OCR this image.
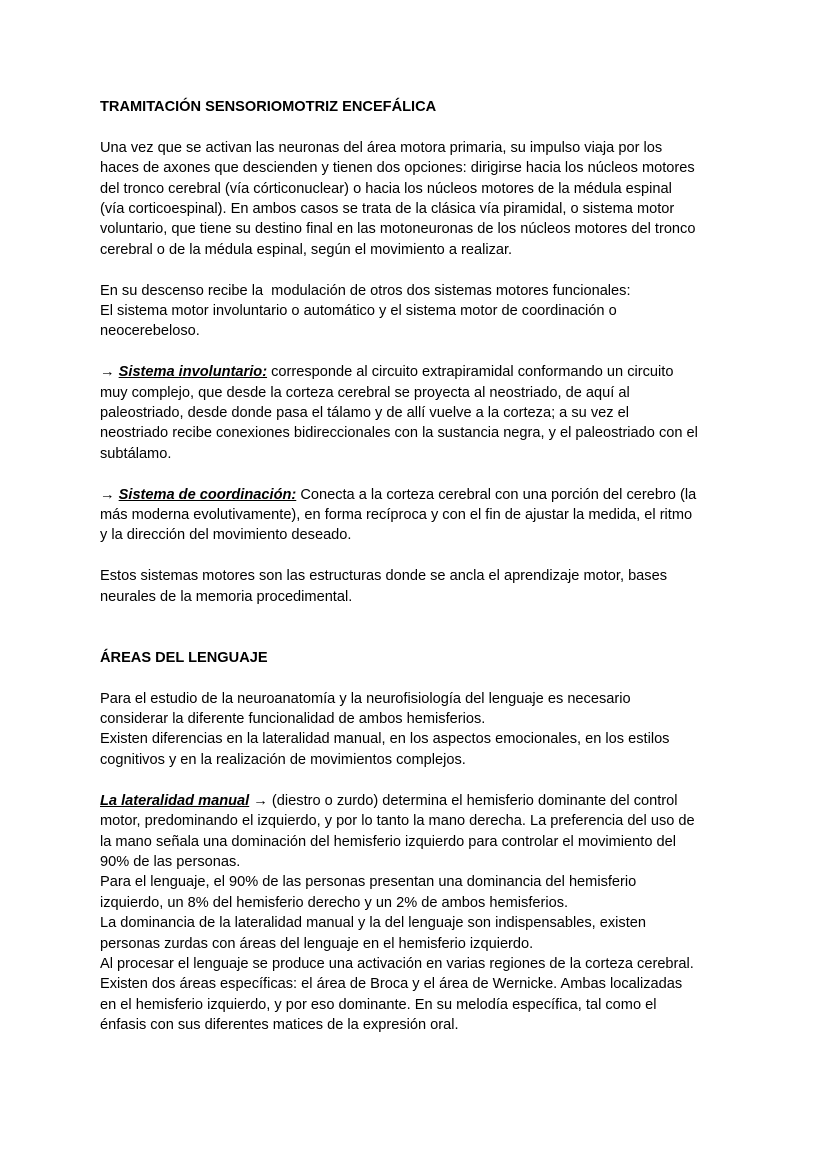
TRAMITACIÓN SENSORIOMOTRIZ ENCEFÁLICA

Una vez que se activan las neuronas del área motora primaria, su impulso viaja por los
haces de axones que descienden y tienen dos opciones: dirigirse hacia los núcleos motores
del tronco cerebral (vía córticonuclear) o hacia los núcleos motores de la médula espinal
(vía corticoespinal). En ambos casos se trata de la clásica vía piramidal, o sistema motor
voluntario, que tiene su destino final en las motoneuronas de los núcleos motores del tronco
cerebral o de la médula espinal, según el movimiento a realizar.

En su descenso recibe la  modulación de otros dos sistemas motores funcionales:
El sistema motor involuntario o automático y el sistema motor de coordinación o
neocerebeloso.

→ Sistema involuntario: corresponde al circuito extrapiramidal conformando un circuito
muy complejo, que desde la corteza cerebral se proyecta al neostriado, de aquí al
paleostriado, desde donde pasa el tálamo y de allí vuelve a la corteza; a su vez el
neostriado recibe conexiones bidireccionales con la sustancia negra, y el paleostriado con el
subtálamo.

→ Sistema de coordinación: Conecta a la corteza cerebral con una porción del cerebro (la
más moderna evolutivamente), en forma recíproca y con el fin de ajustar la medida, el ritmo
y la dirección del movimiento deseado.

Estos sistemas motores son las estructuras donde se ancla el aprendizaje motor, bases
neurales de la memoria procedimental.

ÁREAS DEL LENGUAJE

Para el estudio de la neuroanatomía y la neurofisiología del lenguaje es necesario
considerar la diferente funcionalidad de ambos hemisferios.
Existen diferencias en la lateralidad manual, en los aspectos emocionales, en los estilos
cognitivos y en la realización de movimientos complejos.

La lateralidad manual → (diestro o zurdo) determina el hemisferio dominante del control
motor, predominando el izquierdo, y por lo tanto la mano derecha. La preferencia del uso de
la mano señala una dominación del hemisferio izquierdo para controlar el movimiento del
90% de las personas.
Para el lenguaje, el 90% de las personas presentan una dominancia del hemisferio
izquierdo, un 8% del hemisferio derecho y un 2% de ambos hemisferios.
La dominancia de la lateralidad manual y la del lenguaje son indispensables, existen
personas zurdas con áreas del lenguaje en el hemisferio izquierdo.
Al procesar el lenguaje se produce una activación en varias regiones de la corteza cerebral.
Existen dos áreas específicas: el área de Broca y el área de Wernicke. Ambas localizadas
en el hemisferio izquierdo, y por eso dominante. En su melodía específica, tal como el
énfasis con sus diferentes matices de la expresión oral.
